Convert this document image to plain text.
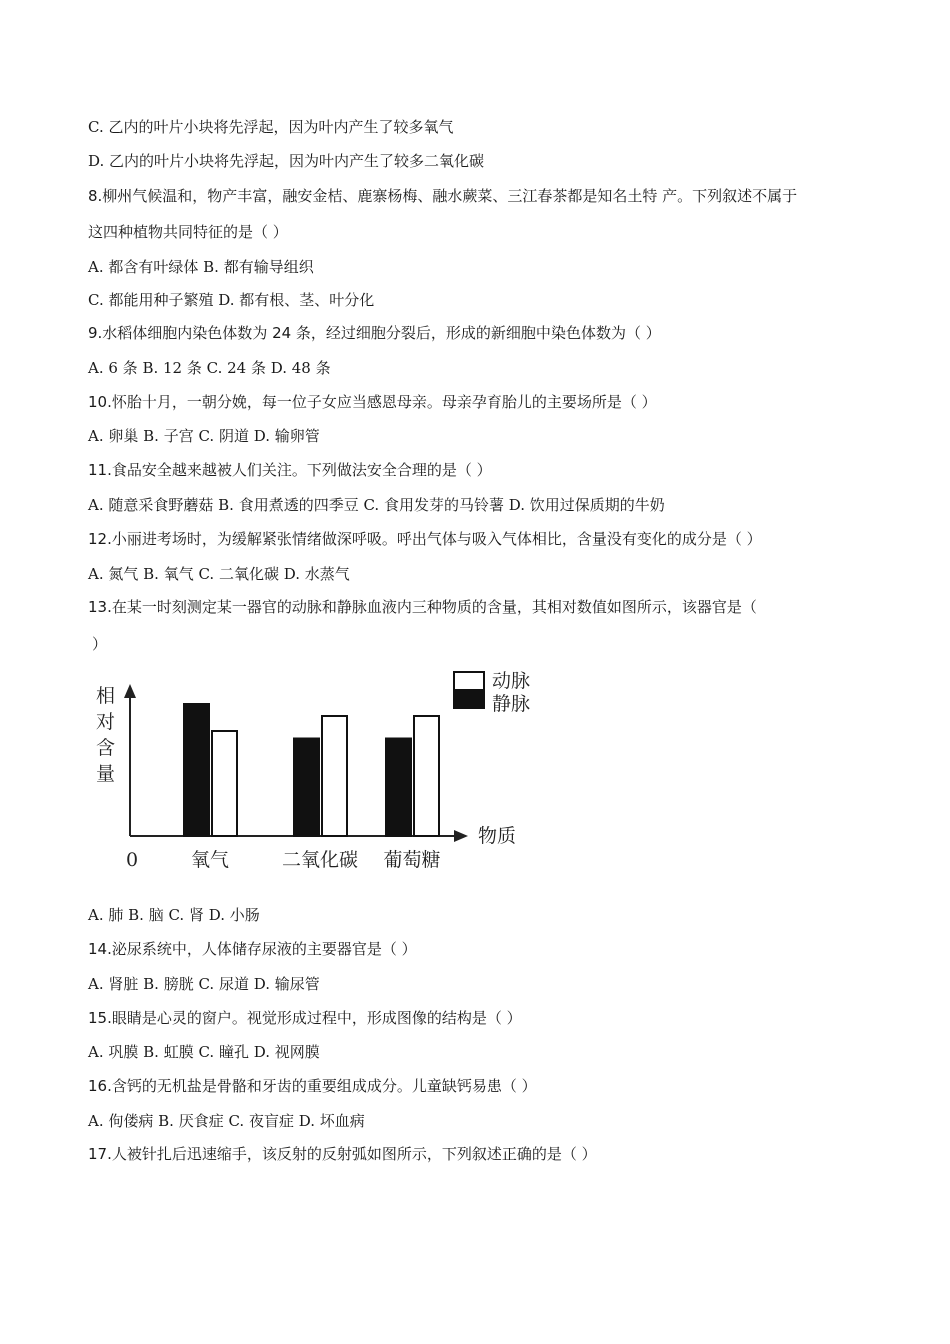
C. 乙内的叶片小块将先浮起，因为叶内产生了较多氧气
D. 乙内的叶片小块将先浮起，因为叶内产生了较多二氧化碳
8.柳州气候温和，物产丰富，融安金桔、鹿寨杨梅、融水蕨菜、三江春茶都是知名土特 产。下列叙述不属于
这四种植物共同特征的是（ ）
A. 都含有叶绿体 B. 都有输导组织
C. 都能用种子繁殖 D. 都有根、茎、叶分化
9.水稻体细胞内染色体数为 24 条，经过细胞分裂后，形成的新细胞中染色体数为（ ）
A. 6 条 B. 12 条 C. 24 条 D. 48 条
10.怀胎十月，一朝分娩，每一位子女应当感恩母亲。母亲孕育胎儿的主要场所是（ ）
A. 卵巢 B. 子宫 C. 阴道 D. 输卵管
11.食品安全越来越被人们关注。下列做法安全合理的是（ ）
A. 随意采食野蘑菇 B. 食用煮透的四季豆 C. 食用发芽的马铃薯 D. 饮用过保质期的牛奶
12.小丽进考场时，为缓解紧张情绪做深呼吸。呼出气体与吸入气体相比，含量没有变化的成分是（ ）
A. 氮气 B. 氧气 C. 二氧化碳 D. 水蒸气
13.在某一时刻测定某一器官的动脉和静脉血液内三种物质的含量，其相对数值如图所示，该器官是（
）
相
对
含
量
物质
0	氧气	二氧化碳 葡萄糖
动脉
静脉
A. 肺 B. 脑 C. 肾 D. 小肠
14.泌尿系统中，人体储存尿液的主要器官是（ ）
A. 肾脏 B. 膀胱 C. 尿道 D. 输尿管
15.眼睛是心灵的窗户。视觉形成过程中，形成图像的结构是（ ）
A. 巩膜 B. 虹膜 C. 瞳孔 D. 视网膜
16.含钙的无机盐是骨骼和牙齿的重要组成成分。儿童缺钙易患（ ）
A. 佝偻病 B. 厌食症 C. 夜盲症 D. 坏血病
17.人被针扎后迅速缩手，该反射的反射弧如图所示，下列叙述正确的是（ ）
